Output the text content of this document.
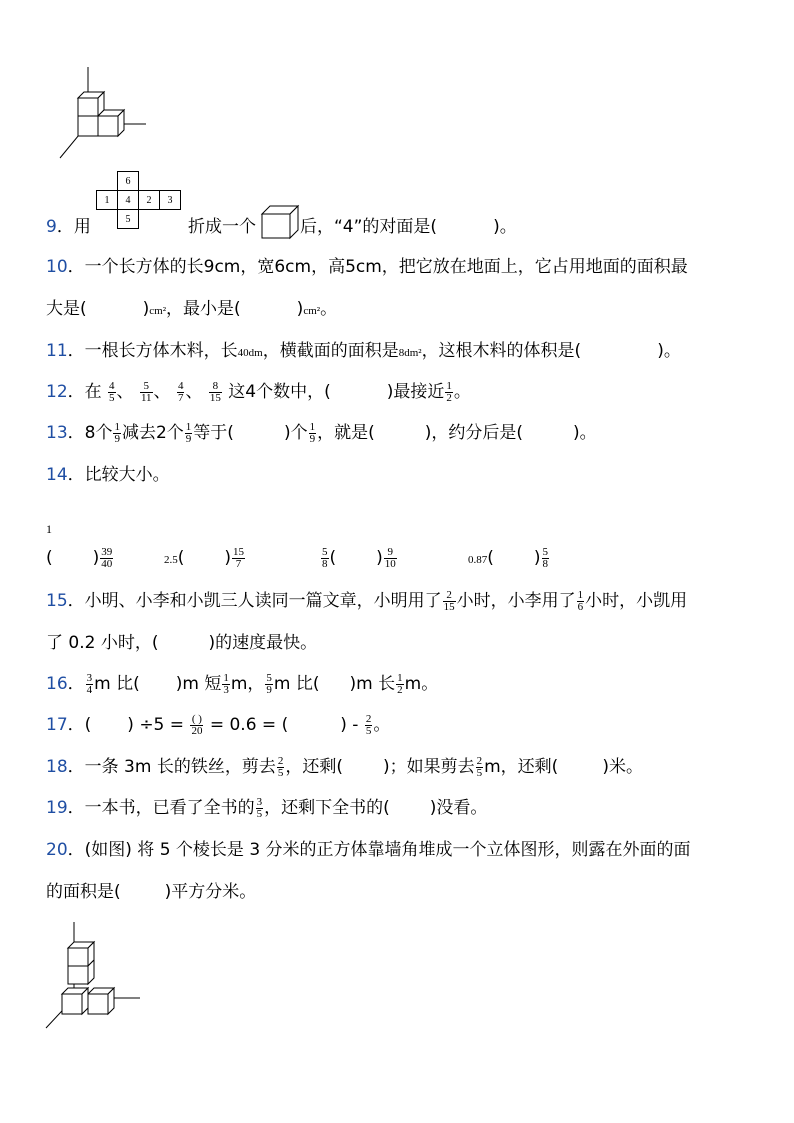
9．用
	6		
1	4	2	3
	5			折成一个	后，“4”的对面是(	)。
10．一个长方体的长9cm，宽6cm，高5cm，把它放在地面上，它占用地面的面积最
大是(	)cm²，最小是(	)cm²。
11．一根长方体木料，长40dm，横截面的面积是8dm²，这根木料的体积是(	)。
12．在 $\frac{4}{5}$ 、 $\frac{5}{11}$ 、 $\frac{4}{7}$ 、 $\frac{8}{15}$ 这4个数中，(	)最接近 $\frac{1}{2}$ 。
13．8个 $\frac{1}{9}$ 减去2个 $\frac{1}{9}$ 等于(	)个 $\frac{1}{9}$ ，就是(	)，约分后是(	)。
14．比较大小。
1
( ) $\frac{39}{40}$	2.5( ) $\frac{15}{7}$	$\frac{5}{8}$ ( ) $\frac{9}{10}$	0.87( ) $\frac{5}{8}$
15．小明、小李和小凯三人读同一篇文章，小明用了 $\frac{2}{15}$ 小时，小李用了 $\frac{1}{6}$ 小时，小凯用
了 0.2 小时，(	)的速度最快。
16． $\frac{3}{4}$ m 比( )m 短 $\frac{1}{3}$ m， $\frac{5}{9}$ m 比( )m 长 $\frac{1}{2}$ m。
17．( ) $\div 5 = \frac{( )}{20} = 0.6$ = (	) - $\frac{2}{5}$ 。
18．一条 3m 长的铁丝，剪去 $\frac{2}{5}$ ，还剩( )；如果剪去 $\frac{2}{5}$ m，还剩(	)米。
19．一本书，已看了全书的 $\frac{3}{5}$ ，还剩下全书的( )没看。
20．(如图) 将 5 个棱长是 3 分米的正方体靠墙角堆成一个立体图形，则露在外面的面
的面积是(	)平方分米。
